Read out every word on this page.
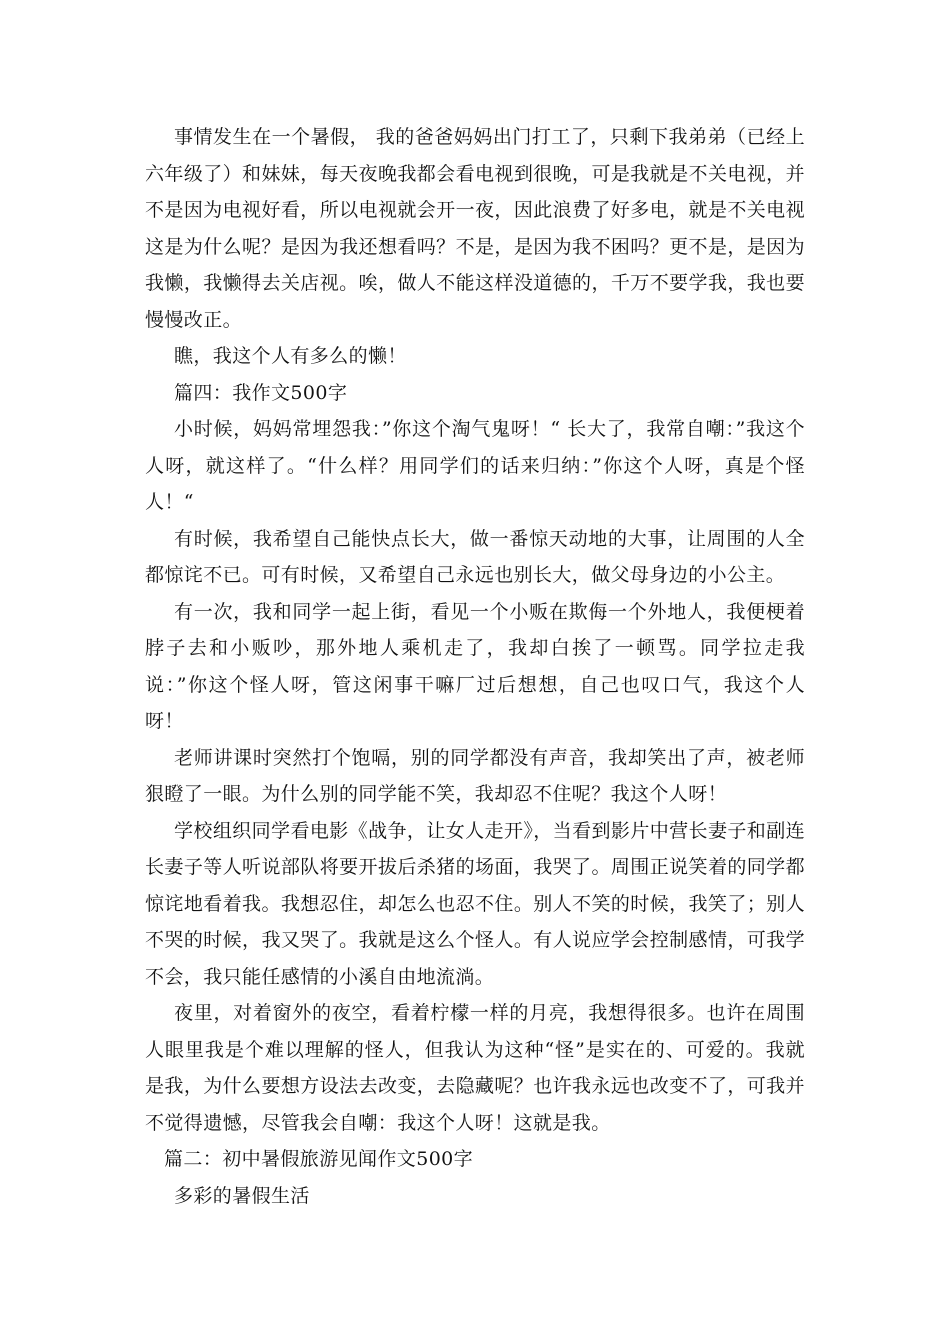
事情发生在一个暑假， 我的爸爸妈妈出门打工了，只剩下我弟弟（已经上六年级了）和妹妹，每天夜晚我都会看电视到很晚，可是我就是不关电视，并不是因为电视好看，所以电视就会开一夜，因此浪费了好多电，就是不关电视这是为什么呢？是因为我还想看吗？不是，是因为我不困吗？更不是，是因为我懒，我懒得去关店视。唉，做人不能这样没道德的，千万不要学我，我也要慢慢改正。

瞧，我这个人有多么的懒！

篇四：我作文500字

小时候，妈妈常埋怨我：”你这个淘气鬼呀！“ 长大了，我常自嘲：”我这个人呀，就这样了。“什么样？用同学们的话来归纳：”你这个人呀，真是个怪人！“

有时候，我希望自己能快点长大，做一番惊天动地的大事，让周围的人全都惊诧不已。可有时候，又希望自己永远也别长大，做父母身边的小公主。

有一次，我和同学一起上街，看见一个小贩在欺侮一个外地人，我便梗着脖子去和小贩吵，那外地人乘机走了，我却白挨了一顿骂。同学拉走我说：”你这个怪人呀，管这闲事干嘛厂过后想想，自己也叹口气，我这个人呀！

老师讲课时突然打个饱嗝，别的同学都没有声音，我却笑出了声，被老师狠瞪了一眼。为什么别的同学能不笑，我却忍不住呢？我这个人呀！

学校组织同学看电影《战争，让女人走开》，当看到影片中营长妻子和副连长妻子等人听说部队将要开拔后杀猪的场面，我哭了。周围正说笑着的同学都惊诧地看着我。我想忍住，却怎么也忍不住。别人不笑的时候，我笑了；别人不哭的时候，我又哭了。我就是这么个怪人。有人说应学会控制感情，可我学不会，我只能任感情的小溪自由地流淌。

夜里，对着窗外的夜空，看着柠檬一样的月亮，我想得很多。也许在周围人眼里我是个难以理解的怪人，但我认为这种“怪”是实在的、可爱的。我就是我，为什么要想方设法去改变，去隐藏呢？也许我永远也改变不了，可我并不觉得遗憾，尽管我会自嘲：我这个人呀！这就是我。

篇二：初中暑假旅游见闻作文500字

多彩的暑假生活
